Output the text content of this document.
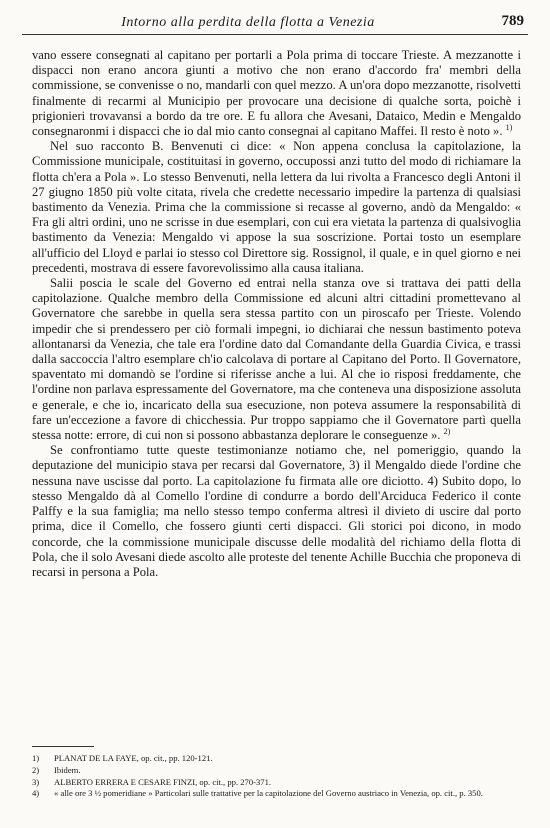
Intorno alla perdita della flotta a Venezia	789

vano essere consegnati al capitano per portarli a Pola prima di toccare Trieste. A mezzanotte i dispacci non erano ancora giunti a motivo che non erano d'accordo fra' membri della commissione, se convenisse o no, mandarli con quel mezzo. A un'ora dopo mezzanotte, risolvetti finalmente di recarmi al Municipio per provocare una decisione di qualche sorta, poichè i prigionieri trovavansi a bordo da tre ore. E fu allora che Avesani, Dataico, Medin e Mengaldo consegnaronmi i dispacci che io dal mio canto consegnai al capitano Maffei. Il resto è noto ». $^{1)}$

Nel suo racconto B. Benvenuti ci dice: « Non appena conclusa la capitolazione, la Commissione municipale, costituitasi in governo, occupossi anzi tutto del modo di richiamare la flotta ch'era a Pola ». Lo stesso Benvenuti, nella lettera da lui rivolta a Francesco degli Antoni il 27 giugno 1850 più volte citata, rivela che credette necessario impedire la partenza di qualsiasi bastimento da Venezia. Prima che la commissione si recasse al governo, andò da Mengaldo: « Fra gli altri ordini, uno ne scrisse in due esemplari, con cui era vietata la partenza di qualsivoglia bastimento da Venezia: Mengaldo vi appose la sua soscrizione. Portai tosto un esemplare all'ufficio del Lloyd e parlai io stesso col Direttore sig. Rossignol, il quale, e in quel giorno e nei precedenti, mostrava di essere favorevolissimo alla causa italiana.

Salii poscia le scale del Governo ed entrai nella stanza ove si trattava dei patti della capitolazione. Qualche membro della Commissione ed alcuni altri cittadini promettevano al Governatore che sarebbe in quella sera stessa partito con un piroscafo per Trieste. Volendo impedir che si prendessero per ciò formali impegni, io dichiarai che nessun bastimento poteva allontanarsi da Venezia, che tale era l'ordine dato dal Comandante della Guardia Civica, e trassi dalla saccoccia l'altro esemplare ch'io calcolava di portare al Capitano del Porto. Il Governatore, spaventato mi domandò se l'ordine si riferisse anche a lui. Al che io risposi freddamente, che l'ordine non parlava espressamente del Governatore, ma che conteneva una disposizione assoluta e generale, e che io, incaricato della sua esecuzione, non poteva assumere la responsabilità di fare un'eccezione a favore di chicchessia. Pur troppo sappiamo che il Governatore partì quella stessa notte: errore, di cui non si possono abbastanza deplorare le conseguenze ». $^{2)}$

Se confrontiamo tutte queste testimonianze notiamo che, nel pomeriggio, quando la deputazione del municipio stava per recarsi dal Governatore, 3) il Mengaldo diede l'ordine che nessuna nave uscisse dal porto. La capitolazione fu firmata alle ore diciotto. 4) Subito dopo, lo stesso Mengaldo dà al Comello l'ordine di condurre a bordo dell'Arciduca Federico il conte Palffy e la sua famiglia; ma nello stesso tempo conferma altresì il divieto di uscire dal porto prima, dice il Comello, che fossero giunti certi dispacci. Gli storici poi dicono, in modo concorde, che la commissione municipale discusse delle modalità del richiamo della flotta di Pola, che il solo Avesani diede ascolto alle proteste del tenente Achille Bucchia che proponeva di recarsi in persona a Pola.

1) PLANAT DE LA FAYE, op. cit., pp. 120-121.

2) Ibidem.

3) ALBERTO ERRERA E CESARE FINZI, op. cit., pp. 270-371.

4) « alle ore 3 ½ pomeridiane » Particolari sulle trattative per la capitolazione del Governo austriaco in Venezia, op. cit., p. 350.
